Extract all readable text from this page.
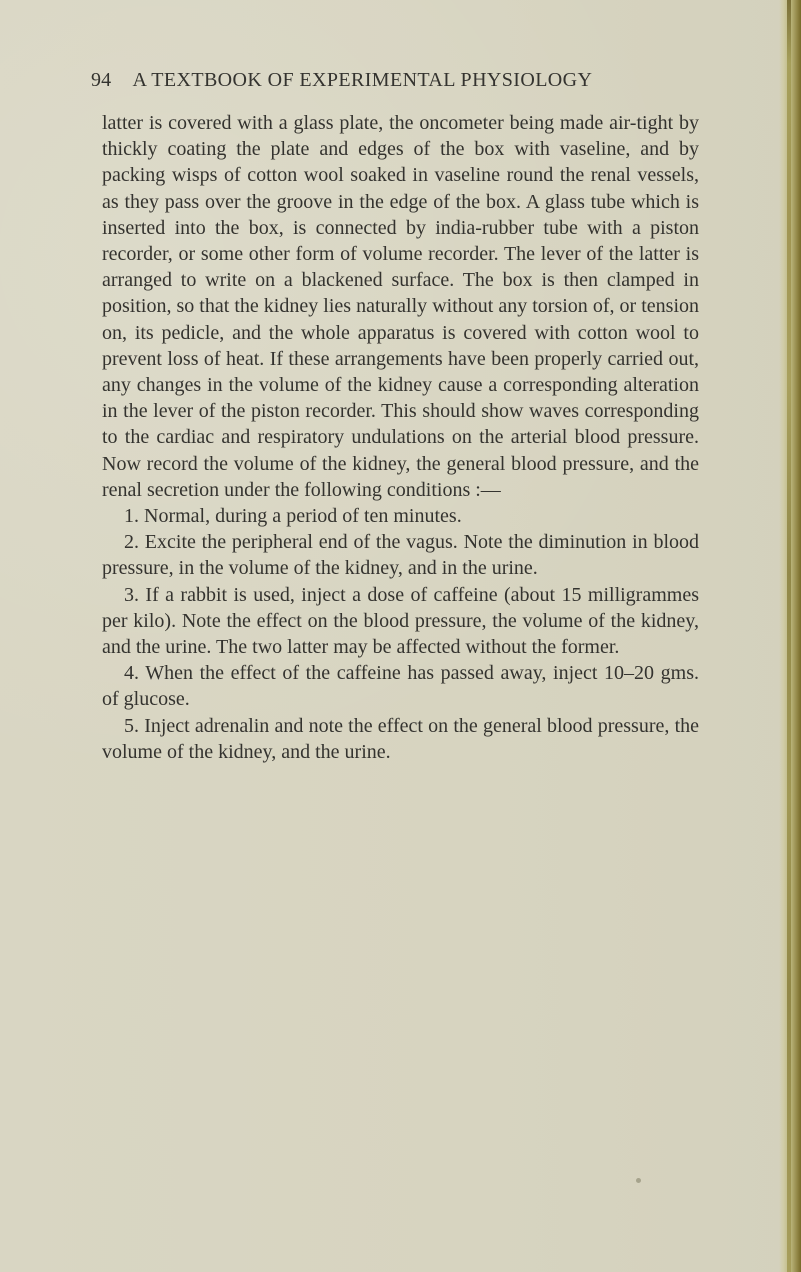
94 A TEXTBOOK OF EXPERIMENTAL PHYSIOLOGY

latter is covered with a glass plate, the oncometer being made air-tight by thickly coating the plate and edges of the box with vaseline, and by packing wisps of cotton wool soaked in vaseline round the renal vessels, as they pass over the groove in the edge of the box. A glass tube which is inserted into the box, is connected by india-rubber tube with a piston recorder, or some other form of volume recorder. The lever of the latter is arranged to write on a blackened surface. The box is then clamped in position, so that the kidney lies naturally without any torsion of, or tension on, its pedicle, and the whole apparatus is covered with cotton wool to prevent loss of heat. If these arrangements have been properly carried out, any changes in the volume of the kidney cause a corresponding alteration in the lever of the piston recorder. This should show waves corresponding to the cardiac and respiratory undulations on the arterial blood pressure. Now record the volume of the kidney, the general blood pressure, and the renal secretion under the following conditions :—

1. Normal, during a period of ten minutes.

2. Excite the peripheral end of the vagus. Note the diminution in blood pressure, in the volume of the kidney, and in the urine.

3. If a rabbit is used, inject a dose of caffeine (about 15 milligrammes per kilo). Note the effect on the blood pressure, the volume of the kidney, and the urine. The two latter may be affected without the former.

4. When the effect of the caffeine has passed away, inject 10–20 gms. of glucose.

5. Inject adrenalin and note the effect on the general blood pressure, the volume of the kidney, and the urine.
